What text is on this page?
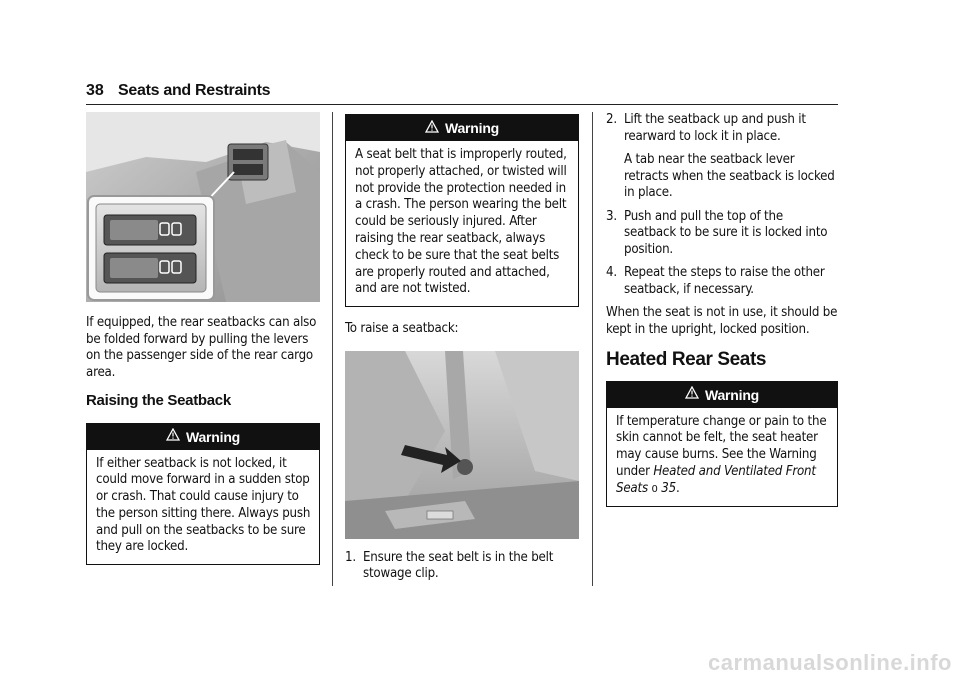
38 Seats and Restraints

If equipped, the rear seatbacks can also be folded forward by pulling the levers on the passenger side of the rear cargo area.

Raising the Seatback

Warning
If either seatback is not locked, it could move forward in a sudden stop or crash. That could cause injury to the person sitting there. Always push and pull on the seatbacks to be sure they are locked.
Warning
A seat belt that is improperly routed, not properly attached, or twisted will not provide the protection needed in a crash. The person wearing the belt could be seriously injured. After raising the rear seatback, always check to be sure that the seat belts are properly routed and attached, and are not twisted.

To raise a seatback:

1. Ensure the seat belt is in the belt stowage clip.
2. Lift the seatback up and push it rearward to lock it in place.

A tab near the seatback lever retracts when the seatback is locked in place.

3. Push and pull the top of the seatback to be sure it is locked into position.
4. Repeat the steps to raise the other seatback, if necessary.

When the seat is not in use, it should be kept in the upright, locked position.

Heated Rear Seats

Warning
If temperature change or pain to the skin cannot be felt, the seat heater may cause burns. See the Warning under Heated and Ventilated Front Seats 0 35.
carmanualsonline.info
